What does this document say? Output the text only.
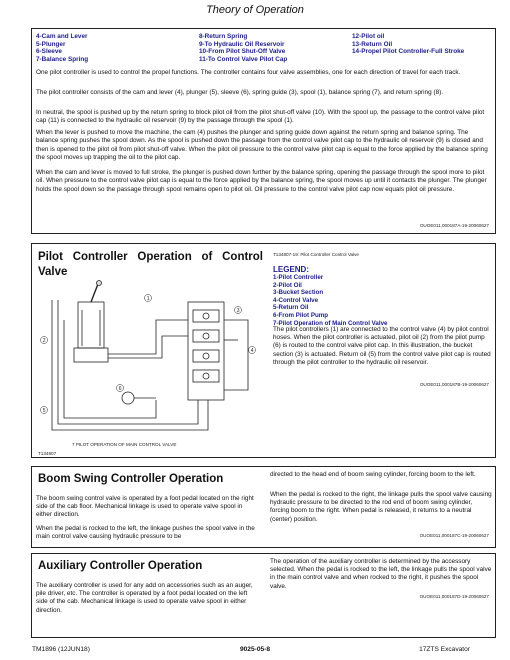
Theory of Operation
4-Cam and Lever
5-Plunger
6-Sleeve
7-Balance Spring
8-Return Spring
9-To Hydraulic Oil Reservoir
10-From Pilot Shut-Off Valve
11-To Control Valve Pilot Cap
12-Pilot oil
13-Return Oil
14-Propel Pilot Controller-Full Stroke

One pilot controller is used to control the propel functions. The controller contains four valve assemblies, one for each direction of travel for each track.

The pilot controller consists of the cam and lever (4), plunger (5), sleeve (6), spring guide (3), spool (1), balance spring (7), and return spring (8).

In neutral, the spool is pushed up by the return spring to block pilot oil from the pilot shut-off valve (10). With the spool up, the passage to the control valve pilot cap (11) is connected to the hydraulic oil reservoir (9) by the passage through the spool (1).

When the lever is pushed to move the machine, the cam (4) pushes the plunger and spring guide down against the return spring and balance spring. The balance spring pushes the spool down. As the spool is pushed down the passage from the control valve pilot cap to the hydraulic oil reservoir (9) is closed and then is opened to the pilot oil from pilot shut-off valve. When the pilot oil pressure to the control valve pilot cap is equal to the force applied by the balance spring the spool moves up trapping the oil to the pilot cap.

When the cam and lever is moved to full stroke, the plunger is pushed down further by the balance spring, opening the passage through the spool more to pilot oil. When pressure to the control valve pilot cap is equal to the force applied by the balance spring, the spool moves up until it contacts the plunger. The plunger holds the spool down so the passage through spool remains open to pilot oil. Oil pressure to the control valve pilot cap now equals pilot oil pressure.

OUOE011,000187A-19-20060627
Pilot Controller Operation of Control Valve
T134807-19: Pilot Controller Control Valve
LEGEND:
1-Pilot Controller
2-Pilot Oil
3-Bucket Section
4-Control Valve
5-Return Oil
6-From Pilot Pump
7-Pilot Operation of Main Control Valve

The pilot controllers (1) are connected to the control valve (4) by pilot control hoses. When the pilot controller is actuated, pilot oil (2) from the pilot pump (6) is routed to the control valve pilot cap. In this illustration, the bucket section (3) is actuated. Return oil (5) from the control valve pilot cap is routed through the pilot controller to the hydraulic oil reservoir.

OUOE011,000187B-19-20060627
1
2
3
4
5
6
7 PILOT OPERATION OF MAIN CONTROL VALVE
T134807
Boom Swing Controller Operation

The boom swing control valve is operated by a foot pedal located on the right side of the cab floor. Mechanical linkage is used to operate valve spool in either direction.

When the pedal is rocked to the left, the linkage pushes the spool valve in the main control valve causing hydraulic pressure to be

directed to the head end of boom swing cylinder, forcing boom to the left.

When the pedal is rocked to the right, the linkage pulls the spool valve causing hydraulic pressure to be directed to the rod end of boom swing cylinder, forcing boom to the right. When pedal is released, it returns to a neutral (center) position.

OUOE011,000187C-19-20060627
Auxiliary Controller Operation

The auxiliary controller is used for any add on accessories such as an auger, pile driver, etc. The controller is operated by a foot pedal located on the left side of the cab. Mechanical linkage is used to operate valve spool in either direction.

The operation of the auxiliary controller is determined by the accessory selected. When the pedal is rocked to the left, the linkage pulls the spool valve in the main control valve and when rocked to the right, it pushes the spool valve.

OUOE011,000187D-19-20060627
TM1896 (12JUN18)	9025-05-8	17ZTS Excavator
